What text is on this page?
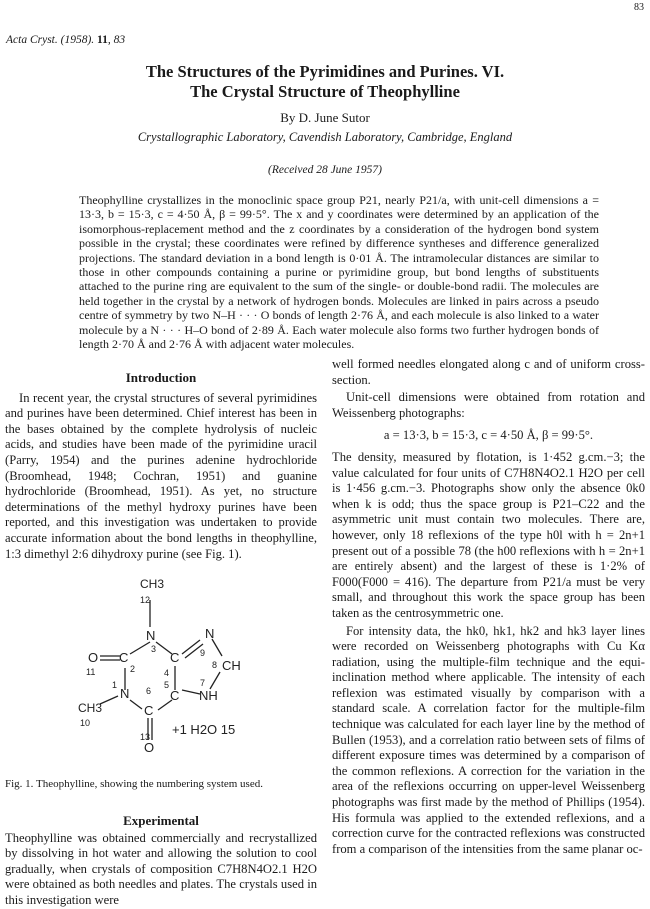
83
Acta Cryst. (1958). 11, 83
The Structures of the Pyrimidines and Purines. VI.
The Crystal Structure of Theophylline
By D. June Sutor
Crystallographic Laboratory, Cavendish Laboratory, Cambridge, England
(Received 28 June 1957)
Theophylline crystallizes in the monoclinic space group P21, nearly P21/a, with unit-cell dimensions a = 13·3, b = 15·3, c = 4·50 Å, β = 99·5°. The x and y coordinates were determined by an application of the isomorphous-replacement method and the z coordinates by a consideration of the hydrogen bond system possible in the crystal; these coordinates were refined by difference syntheses and difference generalized projections. The standard deviation in a bond length is 0·01 Å. The intramolecular distances are similar to those in other compounds containing a purine or pyrimidine group, but bond lengths of substituents attached to the purine ring are equivalent to the sum of the single- or double-bond radii. The molecules are held together in the crystal by a network of hydrogen bonds. Molecules are linked in pairs across a pseudo centre of symmetry by two N–H · · · O bonds of length 2·76 Å, and each molecule is also linked to a water molecule by a N · · · H–O bond of 2·89 Å. Each water molecule also forms two further hydrogen bonds of length 2·70 Å and 2·76 Å with adjacent water molecules.
Introduction

In recent year, the crystal structures of several pyrimidines and purines have been determined. Chief interest has been in the bases obtained by the complete hydrolysis of nucleic acids, and studies have been made of the pyrimidine uracil (Parry, 1954) and the purines adenine hydrochloride (Broomhead, 1948; Cochran, 1951) and guanine hydrochloride (Broomhead, 1951). As yet, no structure determinations of the methyl hydroxy purines have been reported, and this investigation was undertaken to provide accurate information about the bond lengths in theophylline, 1:3 dimethyl 2:6 dihydroxy purine (see Fig. 1).

CH3
12
N
3
O
11
C
2
C
4
N
9
CH
8
N
1
C
5
NH
7
6
C
CH3
10
O
+1 H2O 15
13
Fig. 1. Theophylline, showing the numbering system used.
Experimental

Theophylline was obtained commercially and recrystallized by dissolving in hot water and allowing the solution to cool gradually, when crystals of composition C7H8N4O2.1 H2O were obtained as both needles and plates. The crystals used in this investigation were

well formed needles elongated along c and of uniform cross-section.

Unit-cell dimensions were obtained from rotation and Weissenberg photographs:

a = 13·3, b = 15·3, c = 4·50 Å, β = 99·5°.

The density, measured by flotation, is 1·452 g.cm.−3; the value calculated for four units of C7H8N4O2.1 H2O per cell is 1·456 g.cm.−3. Photographs show only the absence 0k0 when k is odd; thus the space group is P21–C22 and the asymmetric unit must contain two molecules. There are, however, only 18 reflexions of the type h0l with h = 2n+1 present out of a possible 78 (the h00 reflexions with h = 2n+1 are entirely absent) and the largest of these is 1·2% of F000(F000 = 416). The departure from P21/a must be very small, and throughout this work the space group has been taken as the centrosymmetric one.

For intensity data, the hk0, hk1, hk2 and hk3 layer lines were recorded on Weissenberg photographs with Cu Kα radiation, using the multiple-film technique and the equi-inclination method where applicable. The intensity of each reflexion was estimated visually by comparison with a standard scale. A correlation factor for the multiple-film technique was calculated for each layer line by the method of Bullen (1953), and a correlation ratio between sets of films of different exposure times was determined by a comparison of the common reflexions. A correction for the variation in the area of the reflexions occurring on upper-level Weissenberg photographs was first made by the method of Phillips (1954). His formula was applied to the extended reflexions, and a correction curve for the contracted reflexions was constructed from a comparison of the intensities from the same planar oc-
